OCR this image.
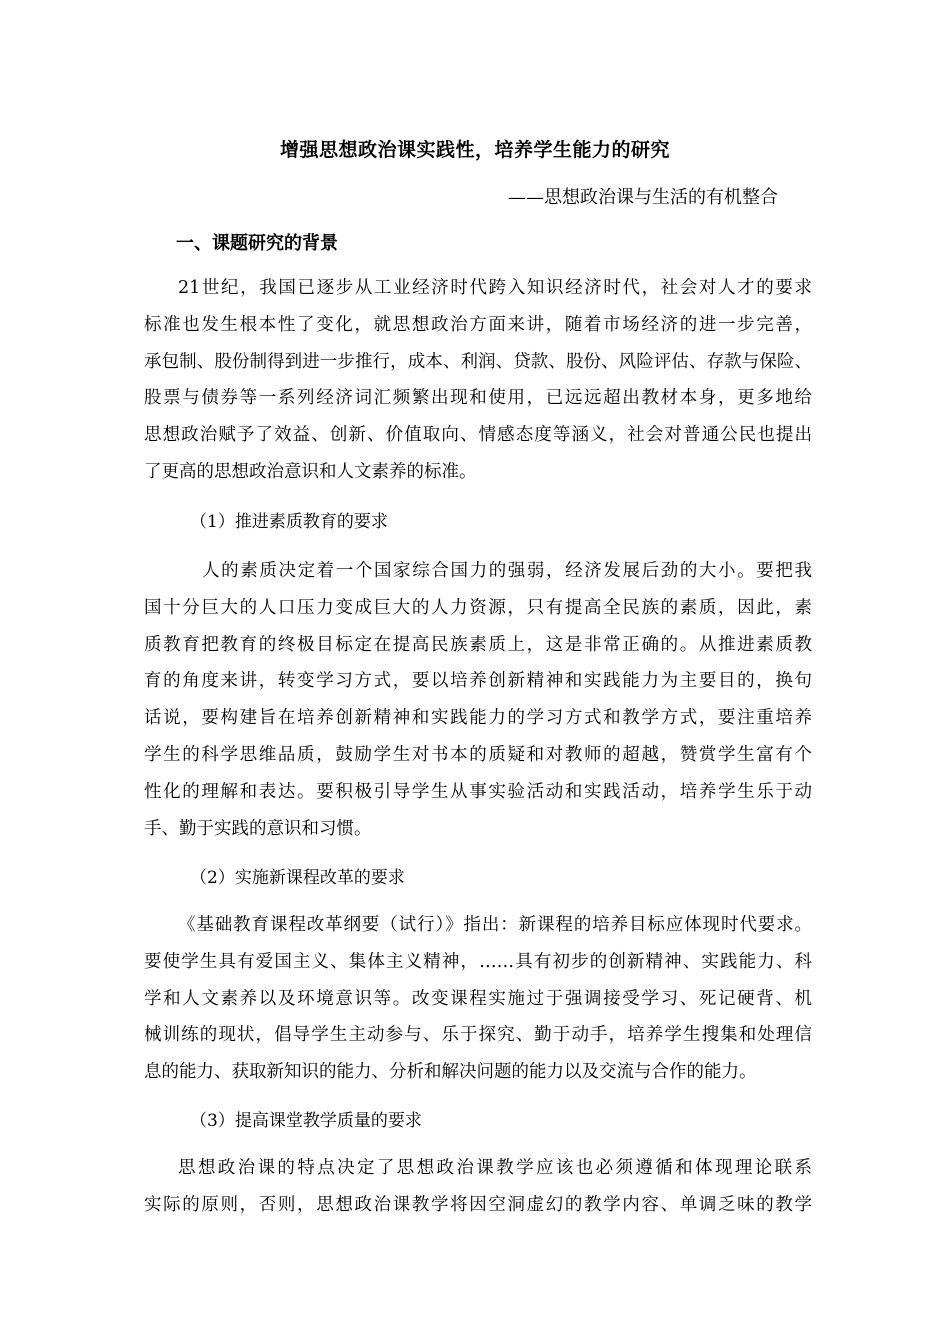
增强思想政治课实践性，培养学生能力的研究
——思想政治课与生活的有机整合
一、课题研究的背景
21世纪，我国已逐步从工业经济时代跨入知识经济时代，社会对人才的要求
标准也发生根本性了变化，就思想政治方面来讲，随着市场经济的进一步完善，
承包制、股份制得到进一步推行，成本、利润、贷款、股份、风险评估、存款与保险、
股票与债券等一系列经济词汇频繁出现和使用，已远远超出教材本身，更多地给
思想政治赋予了效益、创新、价值取向、情感态度等涵义，社会对普通公民也提出
了更高的思想政治意识和人文素养的标准。
（1）推进素质教育的要求
人的素质决定着一个国家综合国力的强弱，经济发展后劲的大小。要把我
国十分巨大的人口压力变成巨大的人力资源，只有提高全民族的素质，因此，素
质教育把教育的终极目标定在提高民族素质上，这是非常正确的。从推进素质教
育的角度来讲，转变学习方式，要以培养创新精神和实践能力为主要目的，换句
话说，要构建旨在培养创新精神和实践能力的学习方式和教学方式，要注重培养
学生的科学思维品质，鼓励学生对书本的质疑和对教师的超越，赞赏学生富有个
性化的理解和表达。要积极引导学生从事实验活动和实践活动，培养学生乐于动
手、勤于实践的意识和习惯。
（2）实施新课程改革的要求
《基础教育课程改革纲要（试行）》指出：新课程的培养目标应体现时代要求。
要使学生具有爱国主义、集体主义精神，……具有初步的创新精神、实践能力、科
学和人文素养以及环境意识等。改变课程实施过于强调接受学习、死记硬背、机
械训练的现状，倡导学生主动参与、乐于探究、勤于动手，培养学生搜集和处理信
息的能力、获取新知识的能力、分析和解决问题的能力以及交流与合作的能力。
（3）提高课堂教学质量的要求
思想政治课的特点决定了思想政治课教学应该也必须遵循和体现理论联系
实际的原则，否则，思想政治课教学将因空洞虚幻的教学内容、单调乏味的教学
